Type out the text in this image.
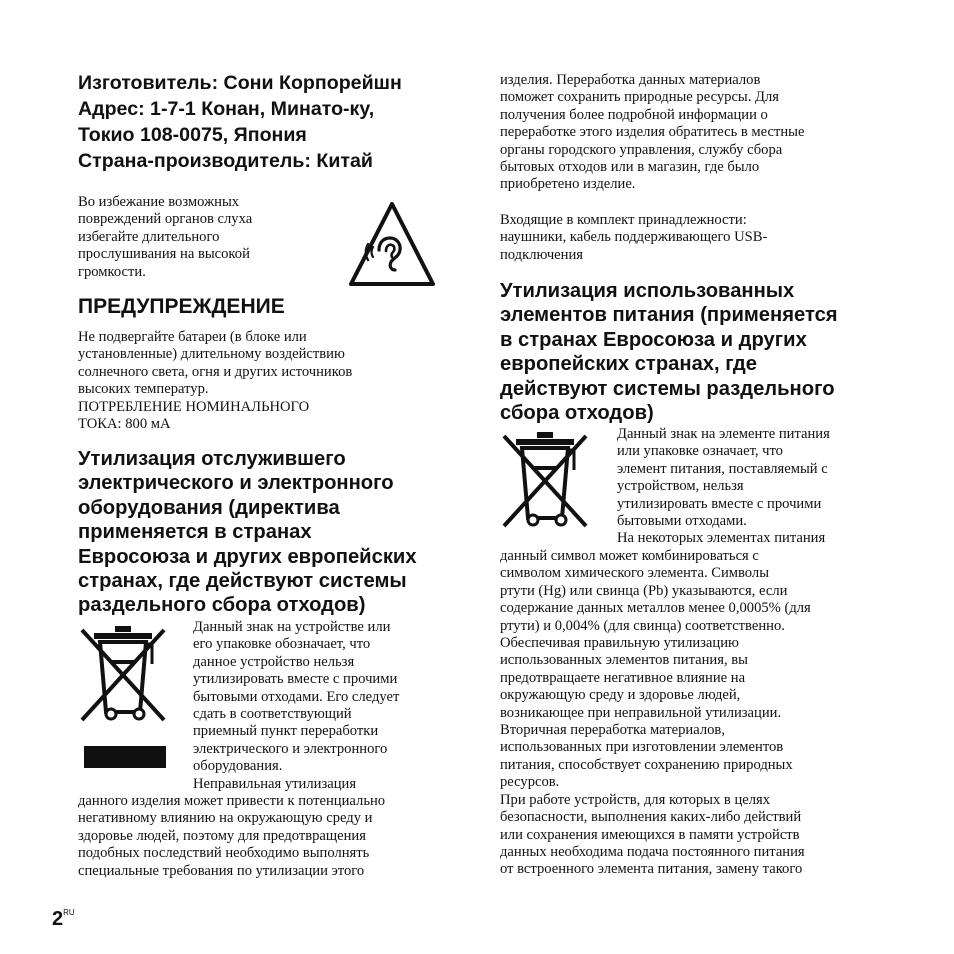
Изготовитель: Сони Корпорейшн
Адрес: 1-7-1 Конан, Минато-ку,
Токио 108-0075, Япония
Страна-производитель: Китай
Во избежание возможных
повреждений органов слуха
избегайте длительного
прослушивания на высокой
громкости.
ПРЕДУПРЕЖДЕНИЕ
Не подвергайте батареи (в блоке или
установленные) длительному воздействию
солнечного света, огня и других источников
высоких температур.
ПОТРЕБЛЕНИЕ НОМИНАЛЬНОГО
ТОКА: 800 мА
Утилизация отслужившего
электрического и электронного
оборудования (директива
применяется в странах
Евросоюза и других европейских
странах, где действуют системы
раздельного сбора отходов)
Данный знак на устройстве или
его упаковке обозначает, что
данное устройство нельзя
утилизировать вместе с прочими
бытовыми отходами. Его следует
сдать в соответствующий
приемный пункт переработки
электрического и электронного
оборудования.
Неправильная утилизация
данного изделия может привести к потенциально
негативному влиянию на окружающую среду и
здоровье людей, поэтому для предотвращения
подобных последствий необходимо выполнять
специальные требования по утилизации этого
изделия. Переработка данных материалов
поможет сохранить природные ресурсы. Для
получения более подробной информации о
переработке этого изделия обратитесь в местные
органы городского управления, службу сбора
бытовых отходов или в магазин, где было
приобретено изделие.
Входящие в комплект принадлежности:
наушники, кабель поддерживающего USB-
подключения
Утилизация использованных
элементов питания (применяется
в странах Евросоюза и других
европейских странах, где
действуют системы раздельного
сбора отходов)
Данный знак на элементе питания
или упаковке означает, что
элемент питания, поставляемый с
устройством, нельзя
утилизировать вместе с прочими
бытовыми отходами.
На некоторых элементах питания
данный символ может комбинироваться с
символом химического элемента. Символы
ртути (Hg) или свинца (Pb) указываются, если
содержание данных металлов менее 0,0005% (для
ртути) и 0,004% (для свинца) соответственно.
Обеспечивая правильную утилизацию
использованных элементов питания, вы
предотвращаете негативное влияние на
окружающую среду и здоровье людей,
возникающее при неправильной утилизации.
Вторичная переработка материалов,
использованных при изготовлении элементов
питания, способствует сохранению природных
ресурсов.
При работе устройств, для которых в целях
безопасности, выполнения каких-либо действий
или сохранения имеющихся в памяти устройств
данных необходима подача постоянного питания
от встроенного элемента питания, замену такого
$2^{RU}$
